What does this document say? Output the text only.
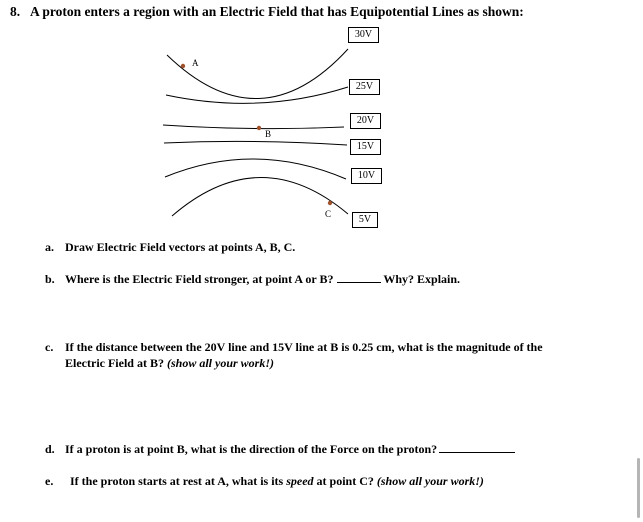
8. A proton enters a region with an Electric Field that has Equipotential Lines as shown:
A
B
C
30V
25V
20V
15V
10V
5V
a. Draw Electric Field vectors at points A, B, C.
b. Where is the Electric Field stronger, at point A or B?	Why? Explain.
c. If the distance between the 20V line and 15V line at B is 0.25 cm, what is the magnitude of the
Electric Field at B? (show all your work!)
d. If a proton is at point B, what is the direction of the Force on the proton?
e. If the proton starts at rest at A, what is its speed at point C? (show all your work!)
